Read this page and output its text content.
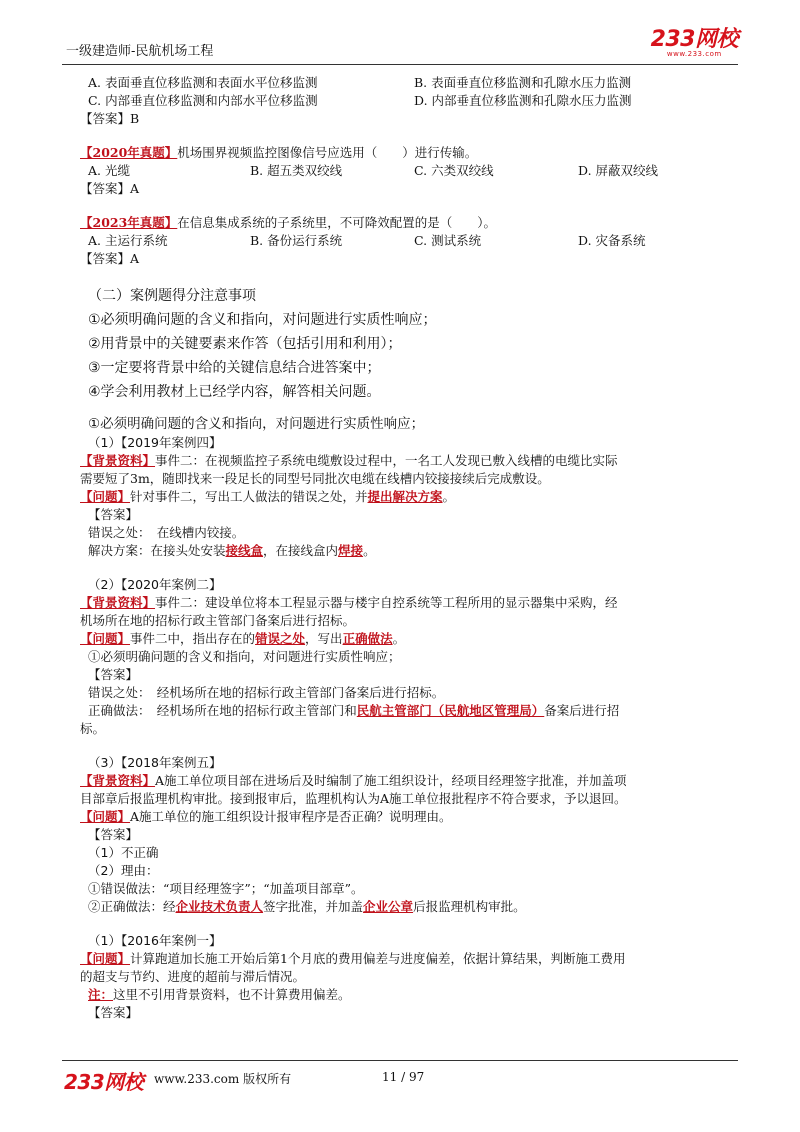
一级建造师-民航机场工程	233网校
www.233.com
A. 表面垂直位移监测和表面水平位移监测	B. 表面垂直位移监测和孔隙水压力监测
C. 内部垂直位移监测和内部水平位移监测	D. 内部垂直位移监测和孔隙水压力监测
【答案】B
【2020年真题】机场围界视频监控图像信号应选用（　　）进行传输。
A. 光缆	B. 超五类双绞线	C. 六类双绞线	D. 屏蔽双绞线
【答案】A
【2023年真题】在信息集成系统的子系统里，不可降效配置的是（　　）。
A. 主运行系统	B. 备份运行系统	C. 测试系统	D. 灾备系统
【答案】A
（二）案例题得分注意事项
①必须明确问题的含义和指向，对问题进行实质性响应；
②用背景中的关键要素来作答（包括引用和利用）；
③一定要将背景中给的关键信息结合进答案中；
④学会利用教材上已经学内容，解答相关问题。
①必须明确问题的含义和指向，对问题进行实质性响应；
（1）【2019年案例四】
【背景资料】事件二：在视频监控子系统电缆敷设过程中，一名工人发现已敷入线槽的电缆比实际
需要短了3m，随即找来一段足长的同型号同批次电缆在线槽内铰接接续后完成敷设。
【问题】针对事件二，写出工人做法的错误之处，并提出解决方案。
【答案】
错误之处：　在线槽内铰接。
解决方案：在接头处安装接线盒，在接线盒内焊接。
（2）【2020年案例二】
【背景资料】事件二：建设单位将本工程显示器与楼宇自控系统等工程所用的显示器集中采购，经
机场所在地的招标行政主管部门备案后进行招标。
【问题】事件二中，指出存在的错误之处，写出正确做法。
①必须明确问题的含义和指向，对问题进行实质性响应；
【答案】
错误之处：　经机场所在地的招标行政主管部门备案后进行招标。
正确做法：　经机场所在地的招标行政主管部门和民航主管部门（民航地区管理局）备案后进行招
标。
（3）【2018年案例五】
【背景资料】A施工单位项目部在进场后及时编制了施工组织设计，经项目经理签字批准，并加盖项
目部章后报监理机构审批。接到报审后，监理机构认为A施工单位报批程序不符合要求，予以退回。
【问题】A施工单位的施工组织设计报审程序是否正确？说明理由。
【答案】
（1）不正确
（2）理由：
①错误做法：“项目经理签字”；“加盖项目部章”。
②正确做法：经企业技术负责人签字批准，并加盖企业公章后报监理机构审批。
（1）【2016年案例一】
【问题】计算跑道加长施工开始后第1个月底的费用偏差与进度偏差，依据计算结果，判断施工费用
的超支与节约、进度的超前与滞后情况。
注：这里不引用背景资料，也不计算费用偏差。
【答案】
233网校 www.233.com 版权所有	11 / 97
